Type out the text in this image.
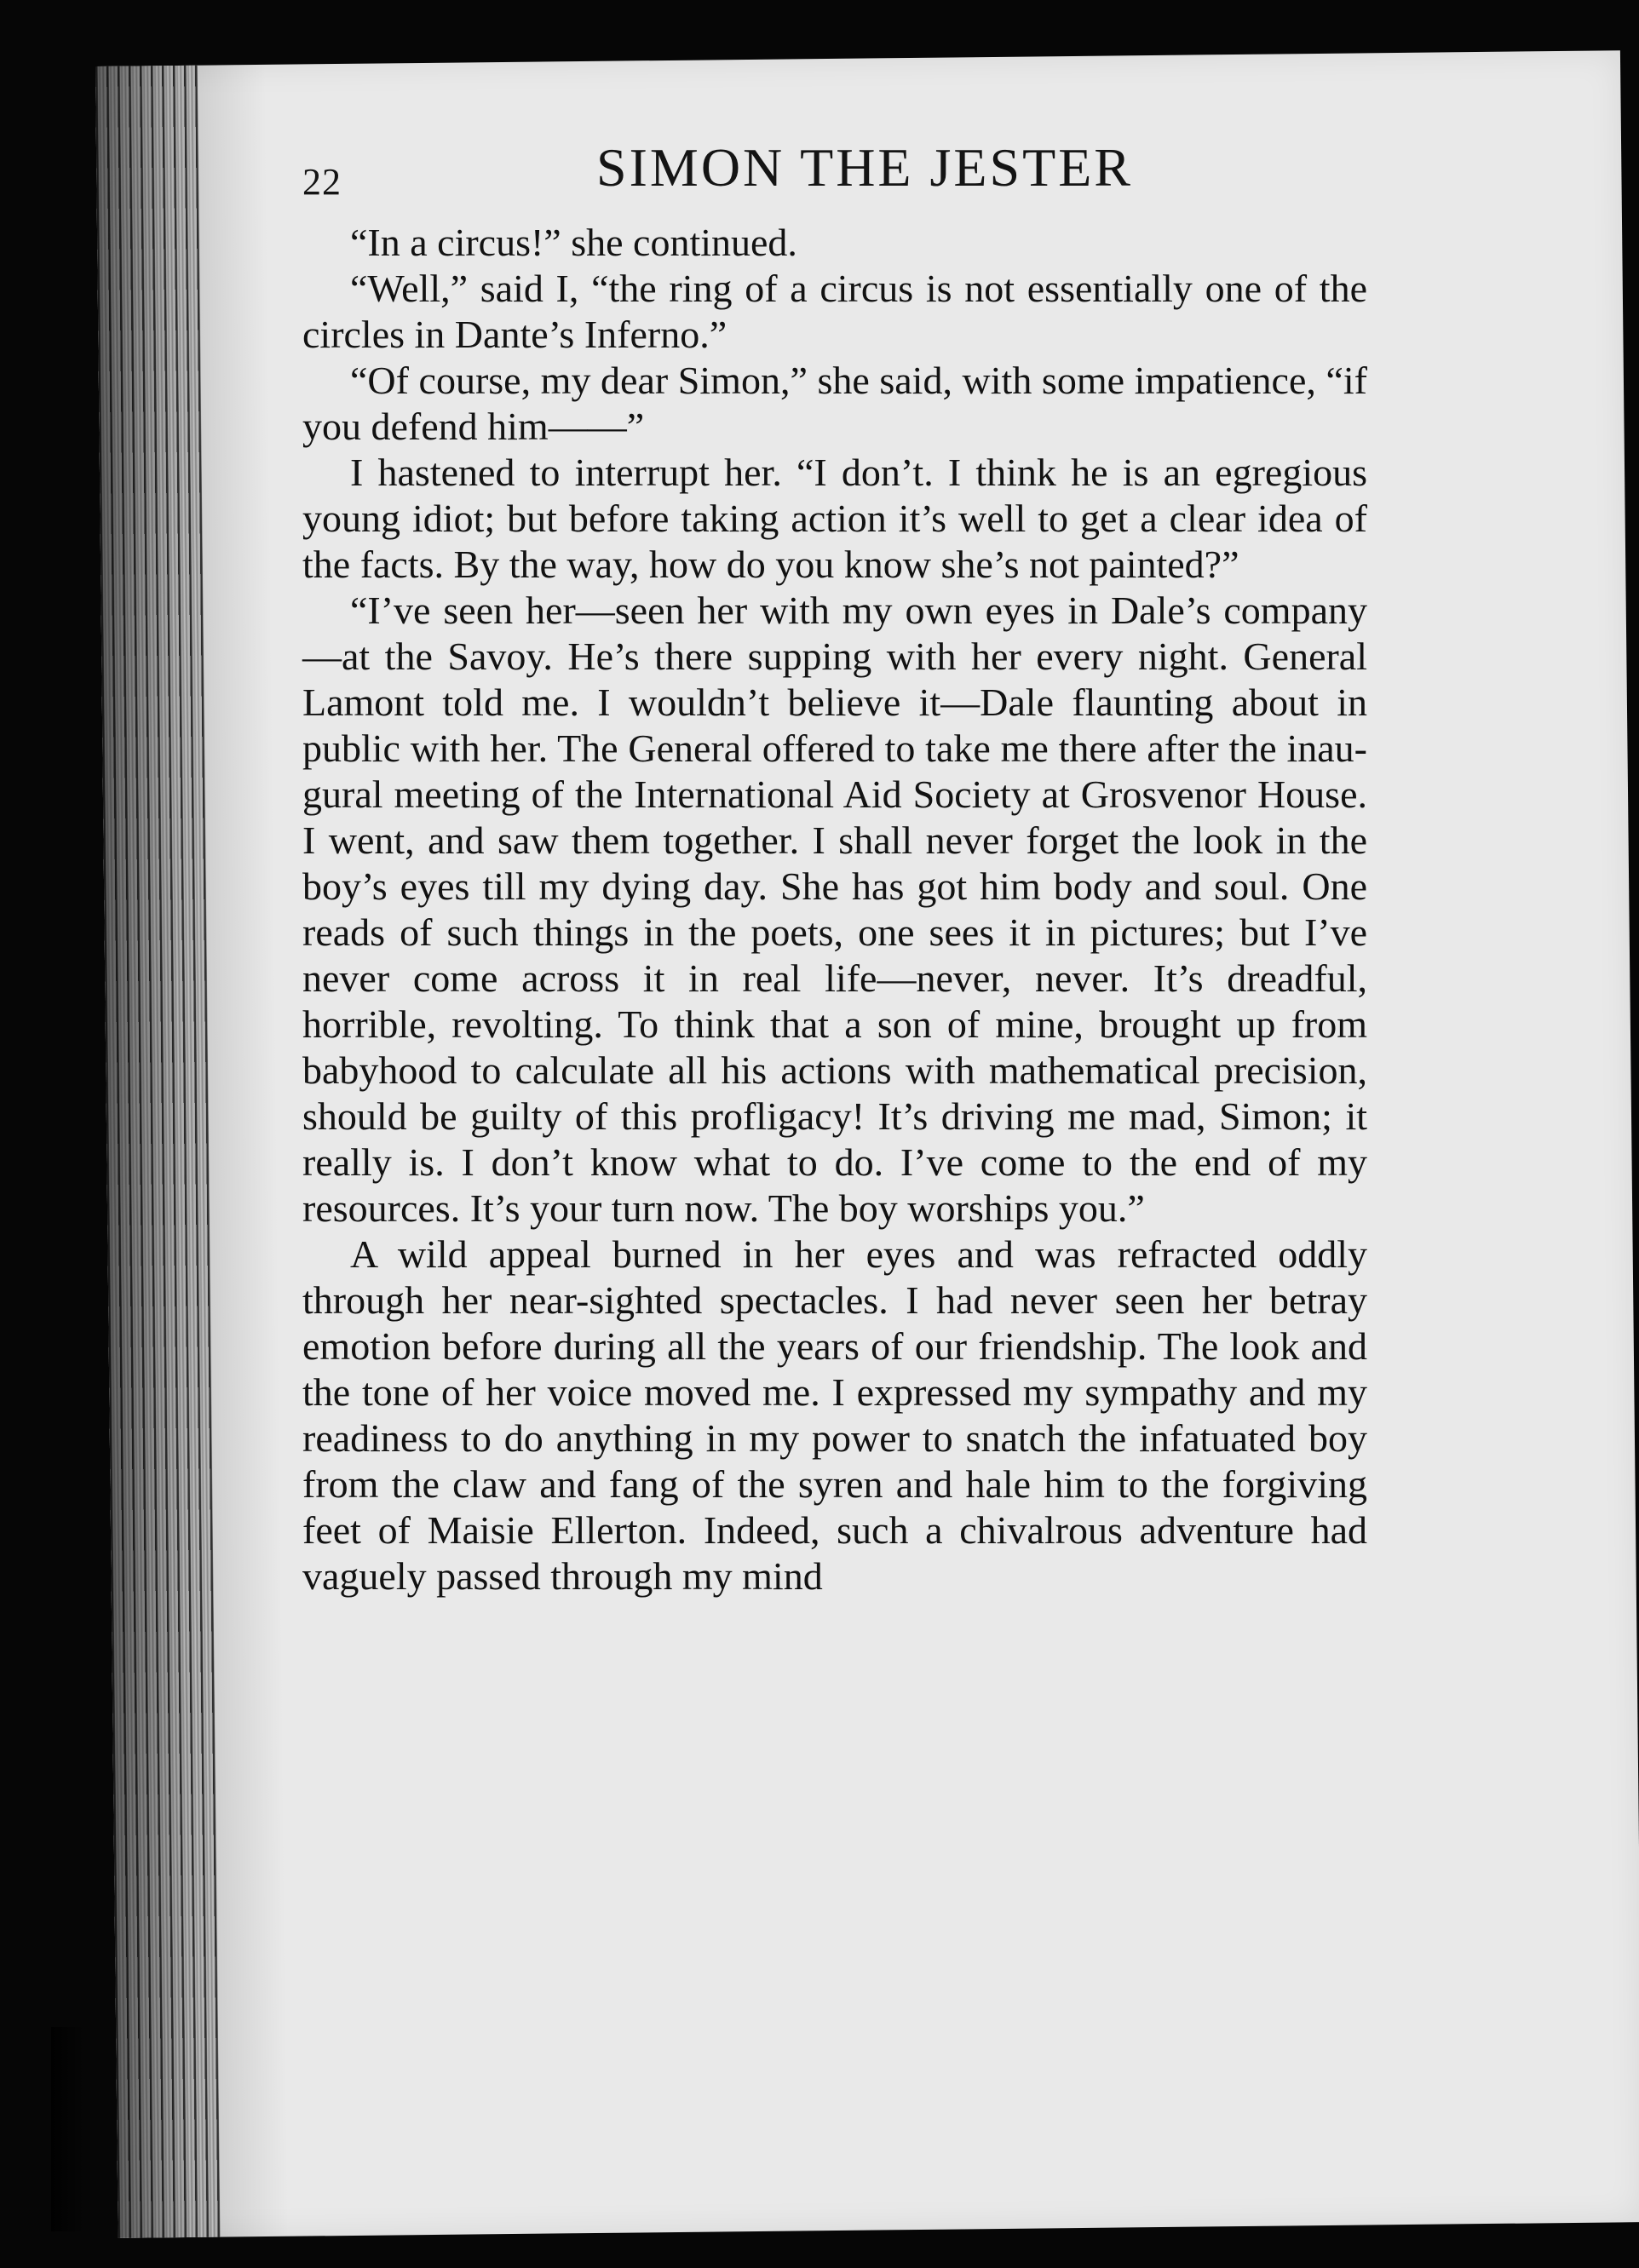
22	SIMON THE JESTER

“In a circus!” she continued.

“Well,” said I, “the ring of a circus is not essentially one of the circles in Dante’s Inferno.”

“Of course, my dear Simon,” she said, with some impatience, “if you defend him——”

I hastened to interrupt her. “I don’t. I think he is an egregious young idiot; but before taking action it’s well to get a clear idea of the facts. By the way, how do you know she’s not painted?”

“I’ve seen her—seen her with my own eyes in Dale’s company—at the Savoy. He’s there supping with her every night. General Lamont told me. I wouldn’t believe it—Dale flaunting about in public with her. The General offered to take me there after the inaugural meeting of the International Aid Society at Grosvenor House. I went, and saw them together. I shall never forget the look in the boy’s eyes till my dying day. She has got him body and soul. One reads of such things in the poets, one sees it in pictures; but I’ve never come across it in real life—never, never. It’s dreadful, horrible, revolting. To think that a son of mine, brought up from babyhood to calculate all his actions with mathematical precision, should be guilty of this profligacy! It’s driving me mad, Simon; it really is. I don’t know what to do. I’ve come to the end of my resources. It’s your turn now. The boy worships you.”

A wild appeal burned in her eyes and was refracted oddly through her near-sighted spectacles. I had never seen her betray emotion before during all the years of our friendship. The look and the tone of her voice moved me. I expressed my sympathy and my readiness to do anything in my power to snatch the infatuated boy from the claw and fang of the syren and hale him to the forgiving feet of Maisie Ellerton. Indeed, such a chivalrous adventure had vaguely passed through my mind
